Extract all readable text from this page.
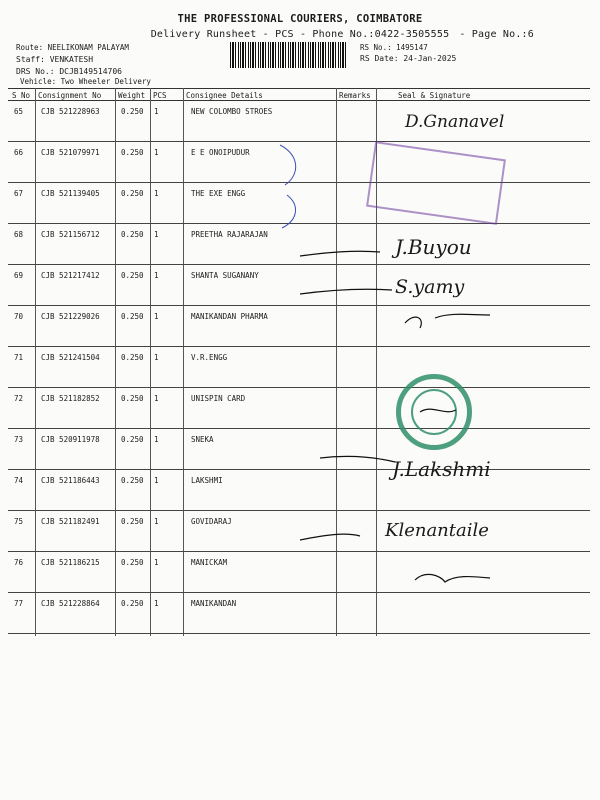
THE PROFESSIONAL COURIERS, COIMBATORE
Delivery Runsheet - PCS - Phone No.:0422-3505555 - Page No.:6
Route: NEELIKONAM PALAYAM
Staff: VENKATESH
DRS No.: DCJB149514706
Vehicle: Two Wheeler Delivery
RS No.: 1495147
RS Date: 24-Jan-2025
S No Consignment No Weight PCS	Consignee Details	Remarks	Seal & Signature
65 CJB 521228963	0.250 1	NEW COLOMBO STROES
66 CJB 521079971	0.250 1	E E ONOIPUDUR
67 CJB 521139405	0.250 1	THE EXE ENGG
68 CJB 521156712	0.250 1	PREETHA RAJARAJAN
69 CJB 521217412	0.250 1	SHANTA SUGANANY
70 CJB 521229026	0.250 1	MANIKANDAN PHARMA
71 CJB 521241504	0.250 1	V.R.ENGG
72 CJB 521182852	0.250 1	UNISPIN CARD
73 CJB 520911978	0.250 1	SNEKA
74 CJB 521186443	0.250 1	LAKSHMI
75 CJB 521182491	0.250 1	GOVIDARAJ
76 CJB 521186215	0.250 1	MANICKAM
77 CJB 521228864	0.250 1	MANIKANDAN
D.Gnanavel
J.Buyou
S.yamy
J.Lakshmi
Klenantaile
